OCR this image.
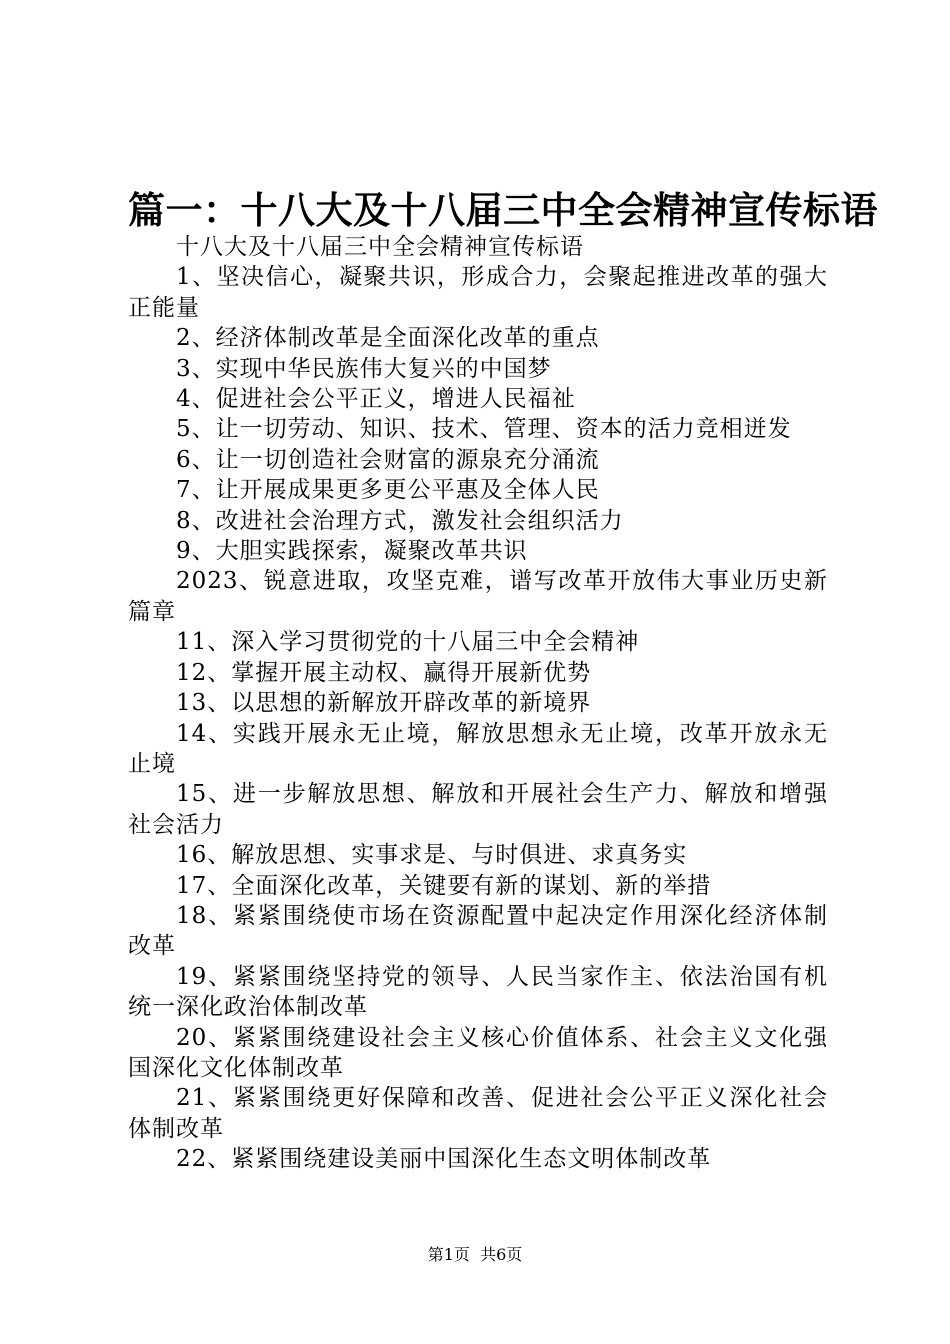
篇一：十八大及十八届三中全会精神宣传标语

十八大及十八届三中全会精神宣传标语

1、坚决信心，凝聚共识，形成合力，会聚起推进改革的强大正能量

2、经济体制改革是全面深化改革的重点

3、实现中华民族伟大复兴的中国梦

4、促进社会公平正义，增进人民福祉

5、让一切劳动、知识、技术、管理、资本的活力竞相迸发

6、让一切创造社会财富的源泉充分涌流

7、让开展成果更多更公平惠及全体人民

8、改进社会治理方式，激发社会组织活力

9、大胆实践探索，凝聚改革共识

2023、锐意进取，攻坚克难，谱写改革开放伟大事业历史新篇章

11、深入学习贯彻党的十八届三中全会精神

12、掌握开展主动权、赢得开展新优势

13、以思想的新解放开辟改革的新境界

14、实践开展永无止境，解放思想永无止境，改革开放永无止境

15、进一步解放思想、解放和开展社会生产力、解放和增强社会活力

16、解放思想、实事求是、与时俱进、求真务实

17、全面深化改革，关键要有新的谋划、新的举措

18、紧紧围绕使市场在资源配置中起决定作用深化经济体制改革

19、紧紧围绕坚持党的领导、人民当家作主、依法治国有机统一深化政治体制改革

20、紧紧围绕建设社会主义核心价值体系、社会主义文化强国深化文化体制改革

21、紧紧围绕更好保障和改善、促进社会公平正义深化社会体制改革

22、紧紧围绕建设美丽中国深化生态文明体制改革

第1页  共6页
